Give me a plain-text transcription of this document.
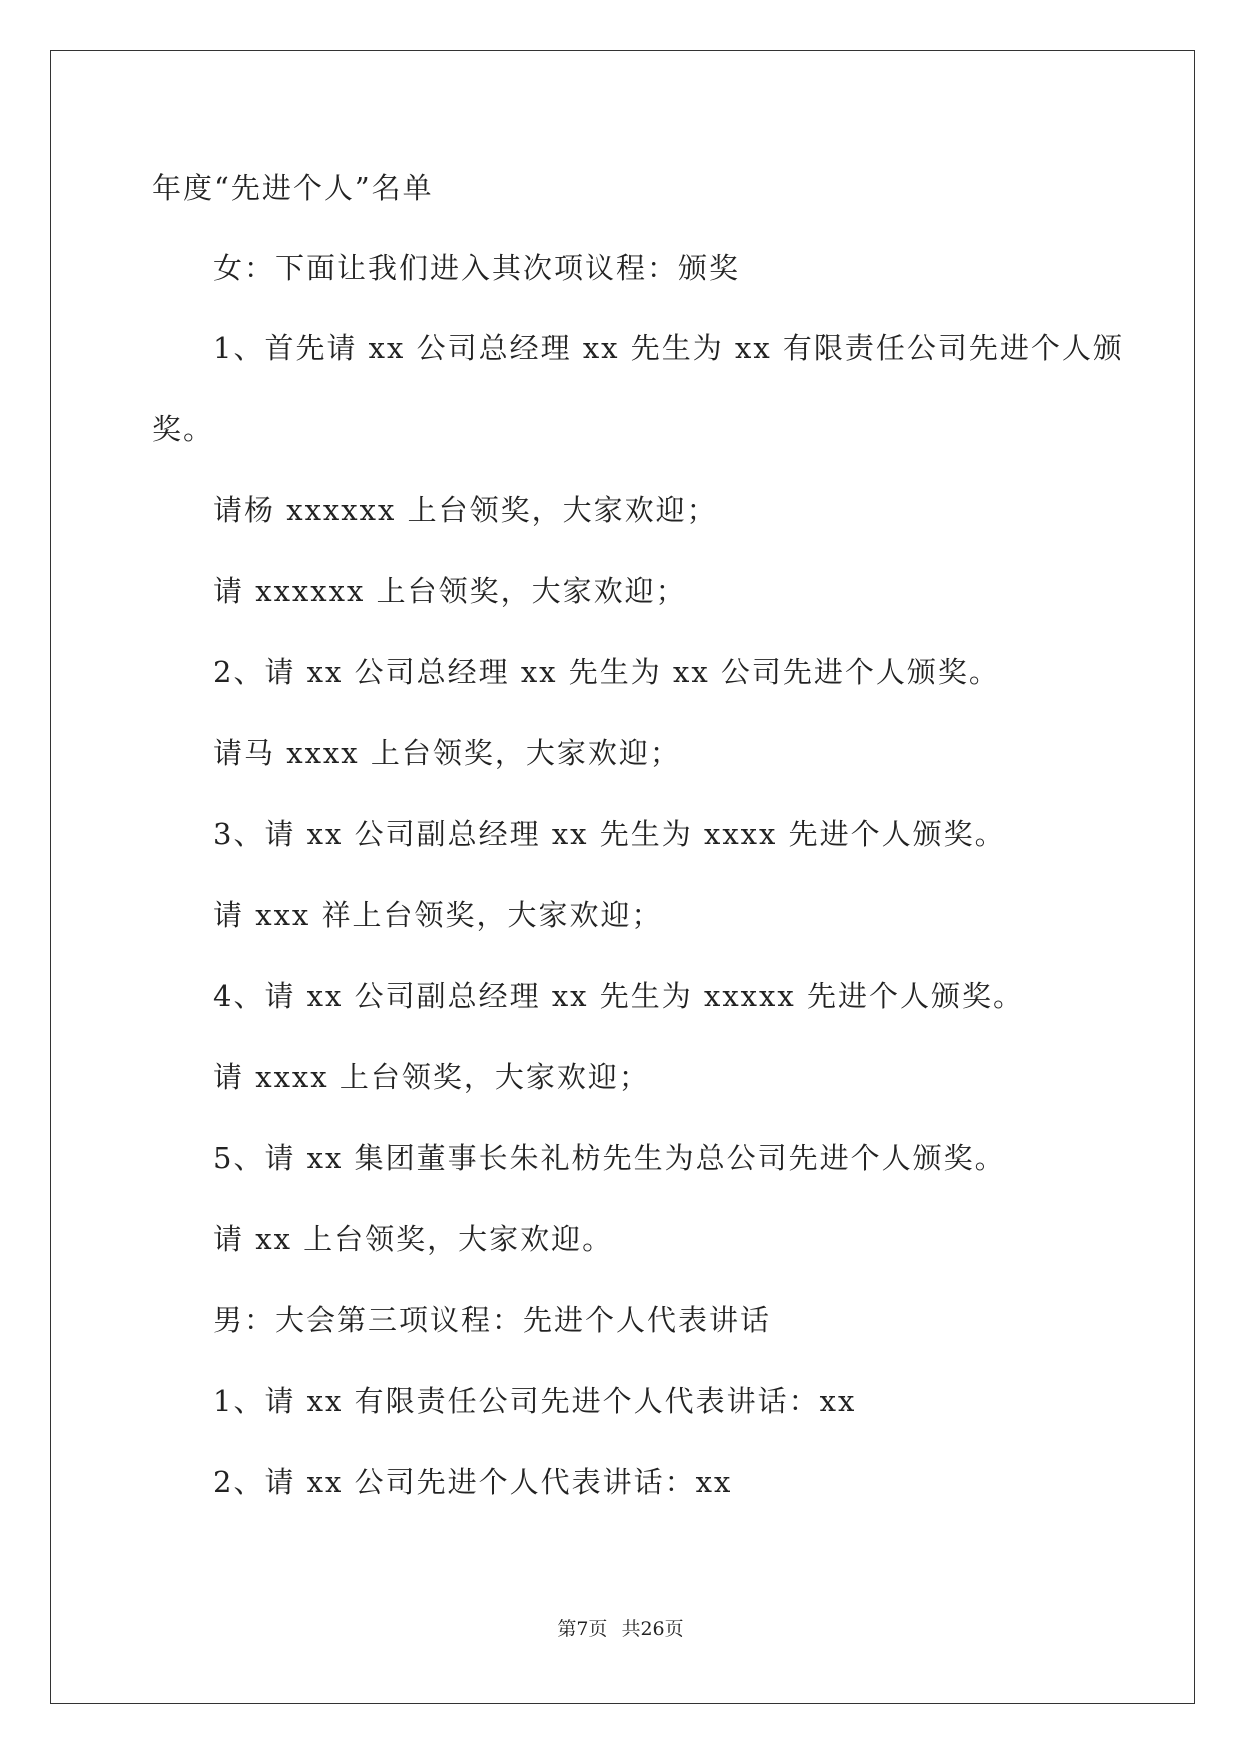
年度“先进个人”名单
女：下面让我们进入其次项议程：颁奖
1、首先请 xx 公司总经理 xx 先生为 xx 有限责任公司先进个人颁
奖。
请杨 xxxxxx 上台领奖，大家欢迎；
请 xxxxxx 上台领奖，大家欢迎；
2、请 xx 公司总经理 xx 先生为 xx 公司先进个人颁奖。
请马 xxxx 上台领奖，大家欢迎；
3、请 xx 公司副总经理 xx 先生为 xxxx 先进个人颁奖。
请 xxx 祥上台领奖，大家欢迎；
4、请 xx 公司副总经理 xx 先生为 xxxxx 先进个人颁奖。
请 xxxx 上台领奖，大家欢迎；
5、请 xx 集团董事长朱礼枋先生为总公司先进个人颁奖。
请 xx 上台领奖，大家欢迎。
男：大会第三项议程：先进个人代表讲话
1、请 xx 有限责任公司先进个人代表讲话：xx
2、请 xx 公司先进个人代表讲话：xx
第7页 共26页
